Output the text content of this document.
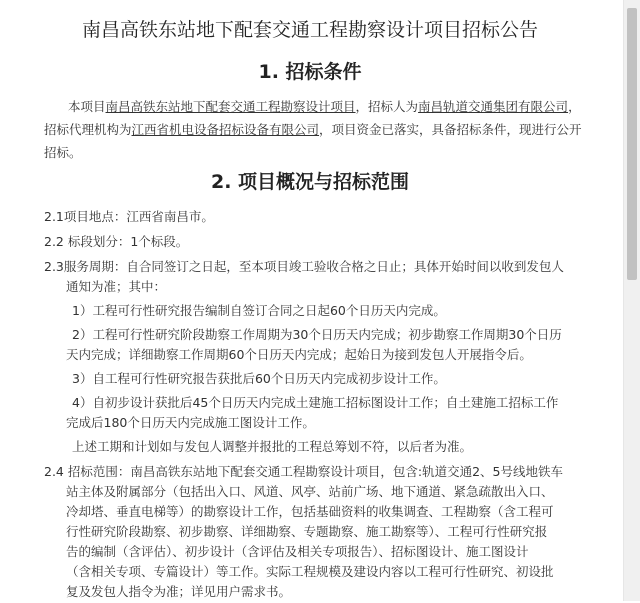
南昌高铁东站地下配套交通工程勘察设计项目招标公告
1. 招标条件
本项目南昌高铁东站地下配套交通工程勘察设计项目，招标人为南昌轨道交通集团有限公司，招标代理机构为江西省机电设备招标设备有限公司，项目资金已落实，具备招标条件，现进行公开招标。
2. 项目概况与招标范围
2.1项目地点：江西省南昌市。
2.2 标段划分：1个标段。
2.3服务周期：自合同签订之日起，至本项目竣工验收合格之日止；具体开始时间以收到发包人
通知为准；其中：
1）工程可行性研究报告编制自签订合同之日起60个日历天内完成。
2）工程可行性研究阶段勘察工作周期为30个日历天内完成；初步勘察工作周期30个日历
天内完成；详细勘察工作周期60个日历天内完成；起始日为接到发包人开展指令后。
3）自工程可行性研究报告获批后60个日历天内完成初步设计工作。
4）自初步设计获批后45个日历天内完成土建施工招标图设计工作；自土建施工招标工作
完成后180个日历天内完成施工图设计工作。
上述工期和计划如与发包人调整并报批的工程总筹划不符，以后者为准。
2.4 招标范围：南昌高铁东站地下配套交通工程勘察设计项目，包含:轨道交通2、5号线地铁车
站主体及附属部分（包括出入口、风道、风亭、站前广场、地下通道、紧急疏散出入口、
冷却塔、垂直电梯等）的勘察设计工作，包括基础资料的收集调查、工程勘察（含工程可
行性研究阶段勘察、初步勘察、详细勘察、专题勘察、施工勘察等）、工程可行性研究报
告的编制（含评估）、初步设计（含评估及相关专项报告）、招标图设计、施工图设计
（含相关专项、专篇设计）等工作。实际工程规模及建设内容以工程可行性研究、初设批
复及发包人指令为准；详见用户需求书。
